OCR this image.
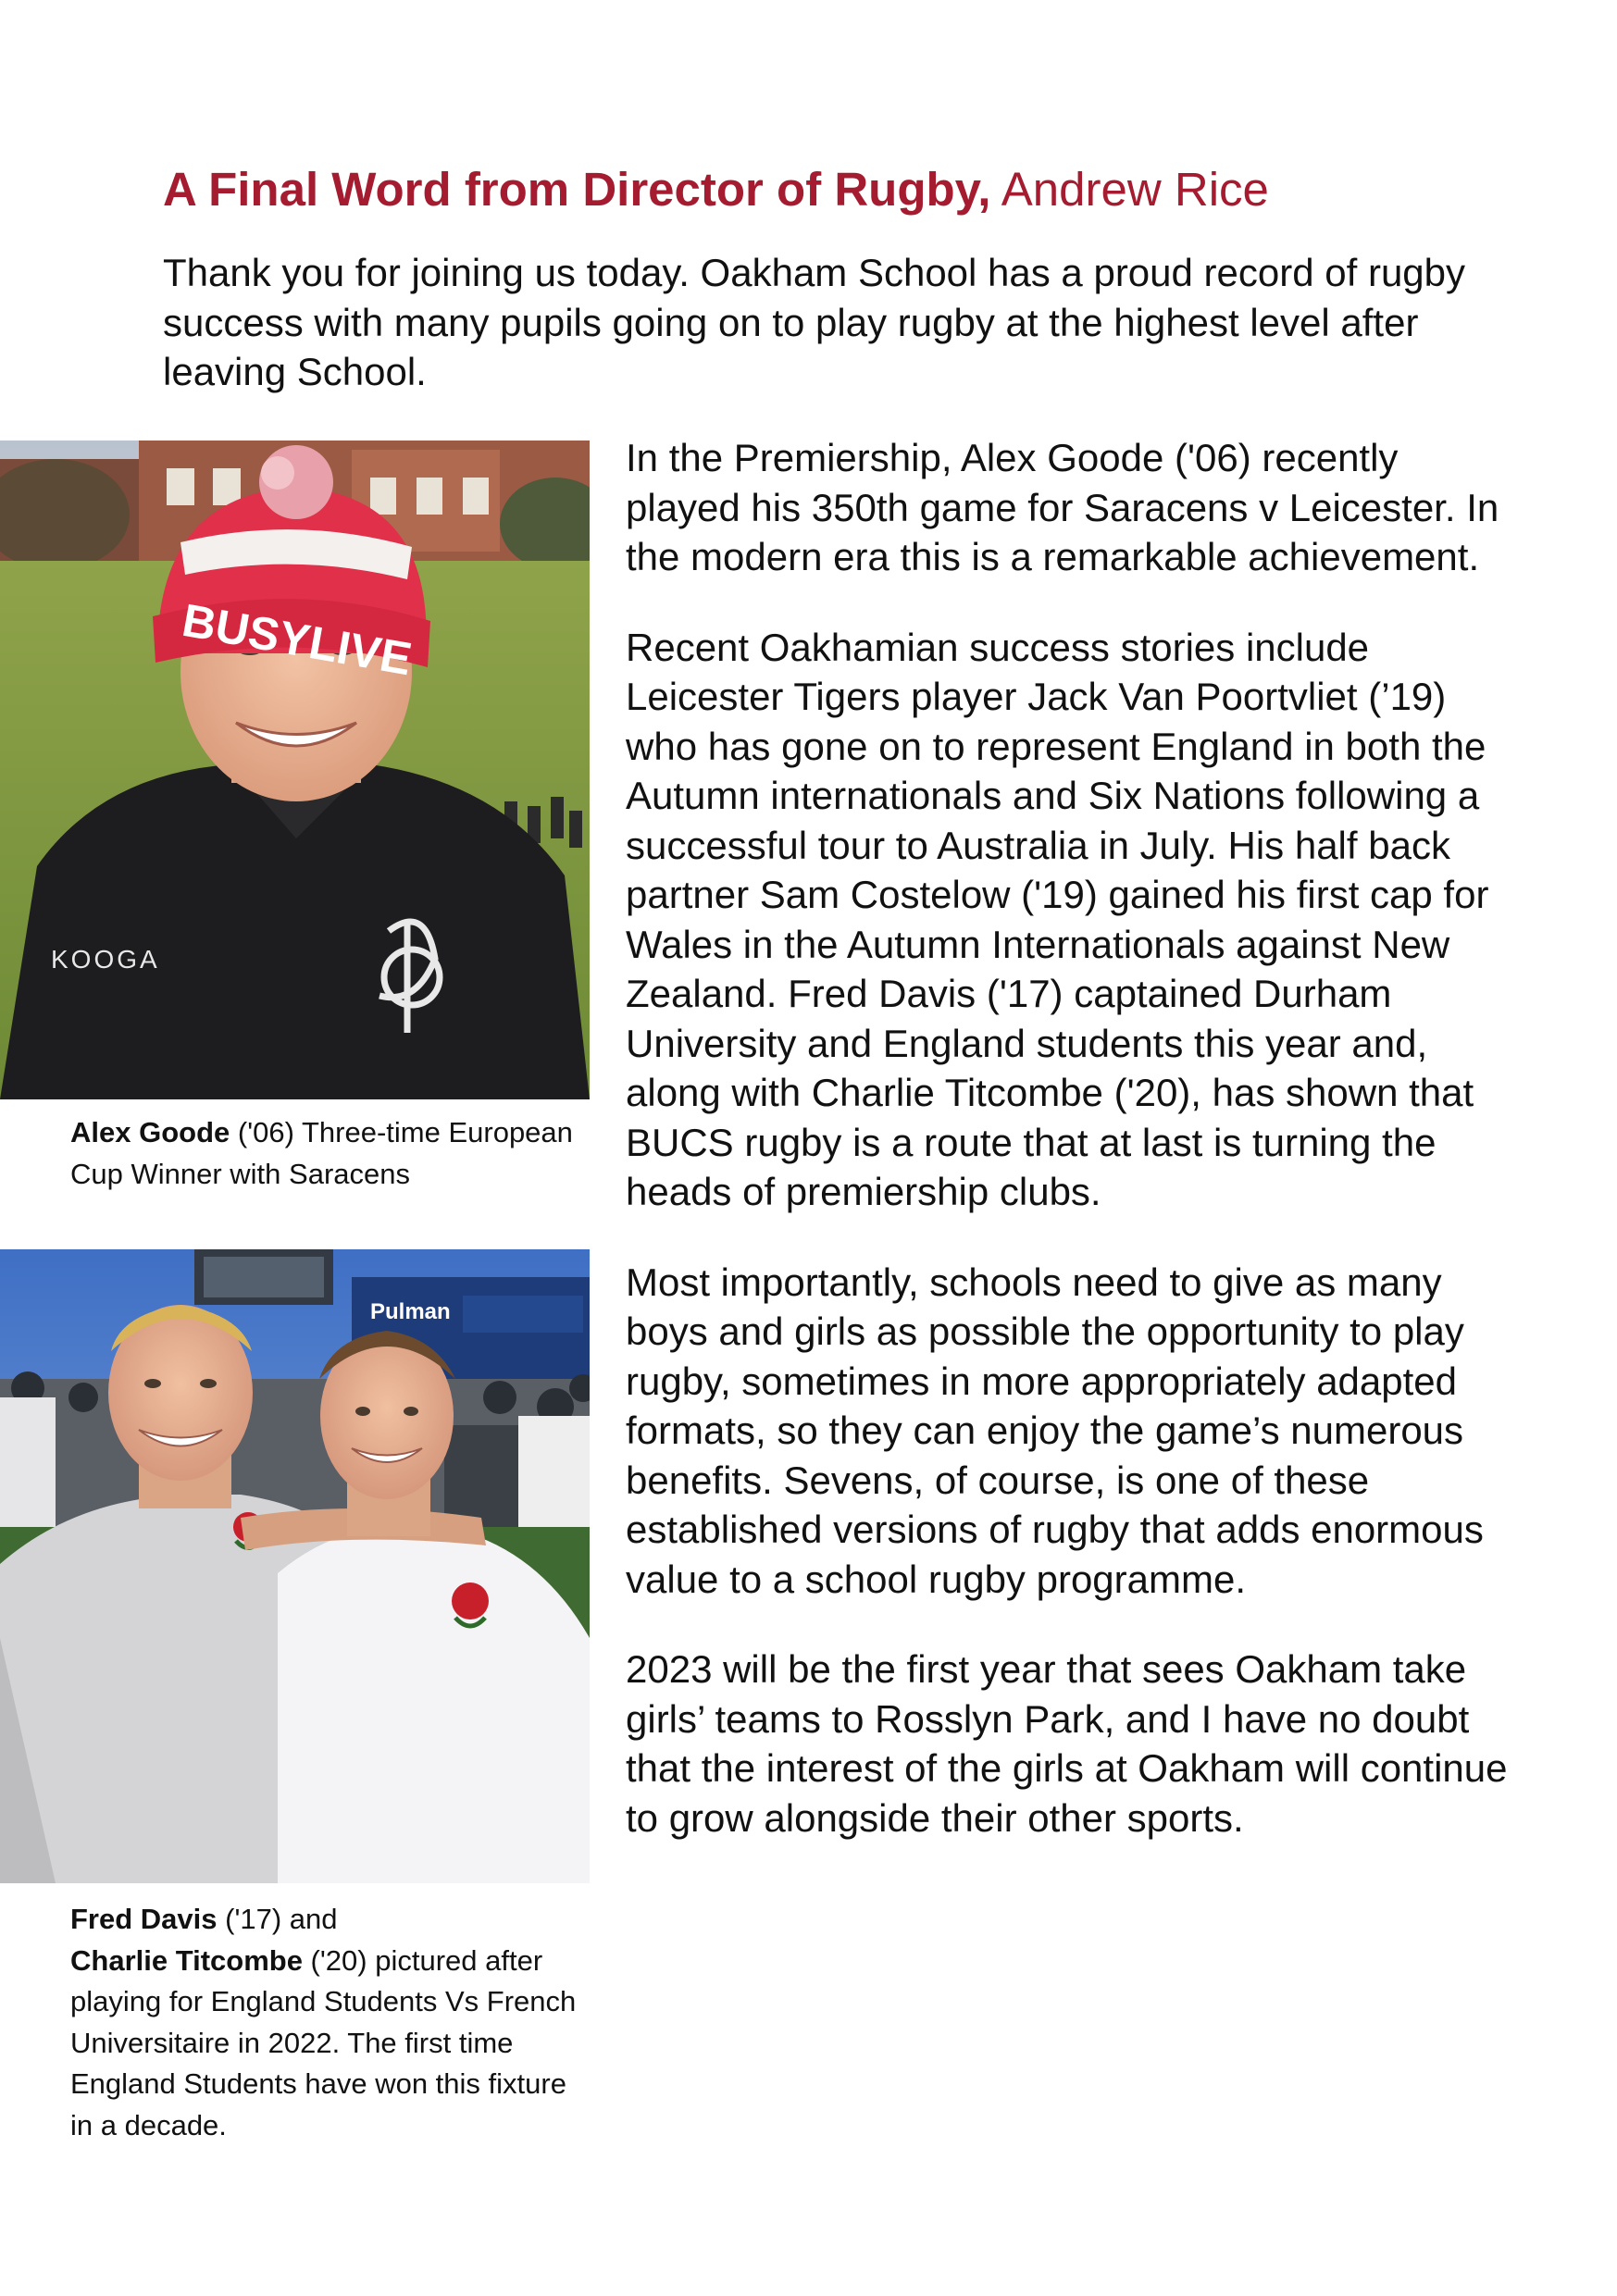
A Final Word from Director of Rugby, Andrew Rice
Thank you for joining us today. Oakham School has a proud record of rugby success with many pupils going on to play rugby at the highest level after leaving School.

In the Premiership, Alex Goode ('06) recently played his 350th game for Saracens v Leicester. In the modern era this is a remarkable achievement.

Recent Oakhamian success stories include Leicester Tigers player Jack Van Poortvliet (’19) who has gone on to represent England in both the Autumn internationals and Six Nations following a successful tour to Australia in July. His half back partner Sam Costelow ('19) gained his first cap for Wales in the Autumn Internationals against New Zealand. Fred Davis ('17) captained Durham University and England students this year and, along with Charlie Titcombe ('20), has shown that BUCS rugby is a route that at last is turning the heads of premiership clubs.

Most importantly, schools need to give as many boys and girls as possible the opportunity to play rugby, sometimes in more appropriately adapted formats, so they can enjoy the game’s numerous benefits. Sevens, of course, is one of these established versions of rugby that adds enormous value to a school rugby programme.

2023 will be the first year that sees Oakham take girls’ teams to Rosslyn Park, and I have no doubt that the interest of the girls at Oakham will continue to grow alongside their other sports.

BUSYLIVE
KOOGA
Alex Goode ('06) Three-time European Cup Winner with Saracens
Pulman
Fred Davis ('17) and
Charlie Titcombe ('20) pictured after playing for England Students Vs French Universitaire in 2022. The first time England Students have won this fixture in a decade.
